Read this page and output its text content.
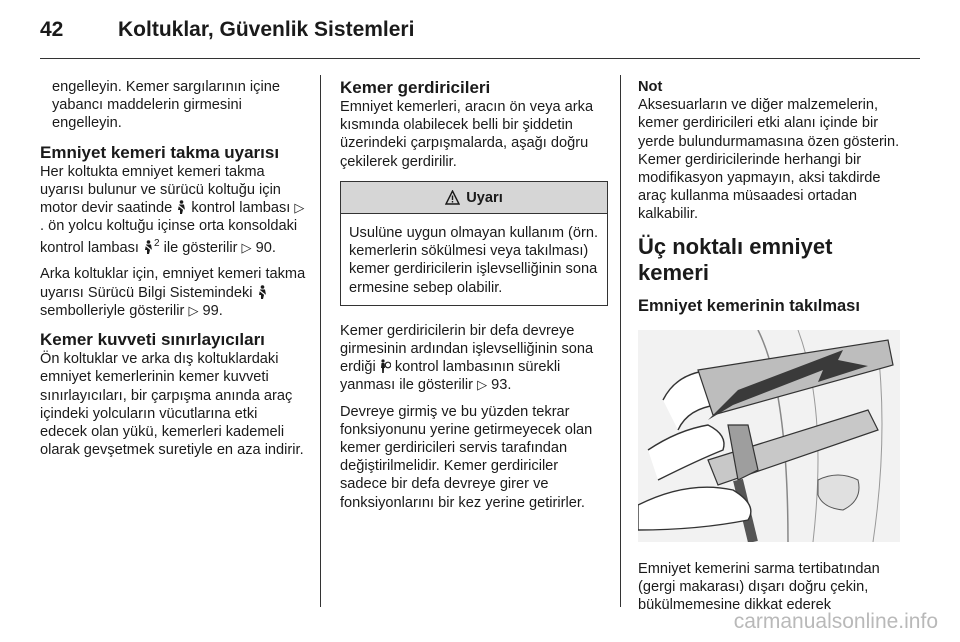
42	Koltuklar, Güvenlik Sistemleri

engelleyin. Kemer sargılarının içine yabancı maddelerin girmesini engelleyin.

Emniyet kemeri takma uyarısı

Her koltukta emniyet kemeri takma uyarısı bulunur ve sürücü koltuğu için motor devir saatinde kontrol lambası ▷ . ön yolcu koltuğu içinse orta konsoldaki kontrol lambası $^2$ ile gösterilir ▷ 90.

Arka koltuklar için, emniyet kemeri takma uyarısı Sürücü Bilgi Sistemindeki  sembolleriyle gösterilir ▷ 99.

Kemer kuvveti sınırlayıcıları

Ön koltuklar ve arka dış koltuklardaki emniyet kemerlerinin kemer kuvveti sınırlayıcıları, bir çarpışma anında araç içindeki yolcuların vücutlarına etki edecek olan yükü, kemerleri kademeli olarak gevşetmek suretiyle en aza indirir.

Kemer gerdiricileri

Emniyet kemerleri, aracın ön veya arka kısmında olabilecek belli bir şiddetin üzerindeki çarpışmalarda, aşağı doğru çekilerek gerdirilir.

Uyarı
Usulüne uygun olmayan kullanım (örn. kemerlerin sökülmesi veya takılması) kemer gerdiricilerin işlevselliğinin sona ermesine sebep olabilir.

Kemer gerdiricilerin bir defa devreye girmesinin ardından işlevselliğinin sona erdiği kontrol lambasının sürekli yanması ile gösterilir ▷ 93.

Devreye girmiş ve bu yüzden tekrar fonksiyonunu yerine getirmeyecek olan kemer gerdiricileri servis tarafından değiştirilmelidir. Kemer gerdiriciler sadece bir defa devreye girer ve fonksiyonlarını bir kez yerine getirirler.

Not

Aksesuarların ve diğer malzemelerin, kemer gerdiricileri etki alanı içinde bir yerde bulundurmamasına özen gösterin. Kemer gerdiricilerinde herhangi bir modifikasyon yapmayın, aksi takdirde araç kullanma müsaadesi ortadan kalkabilir.

Üç noktalı emniyet kemeri
Emniyet kemerinin takılması

Emniyet kemerini sarma tertibatından (gergi makarası) dışarı doğru çekin, bükülmemesine dikkat ederek

carmanualsonline.info
